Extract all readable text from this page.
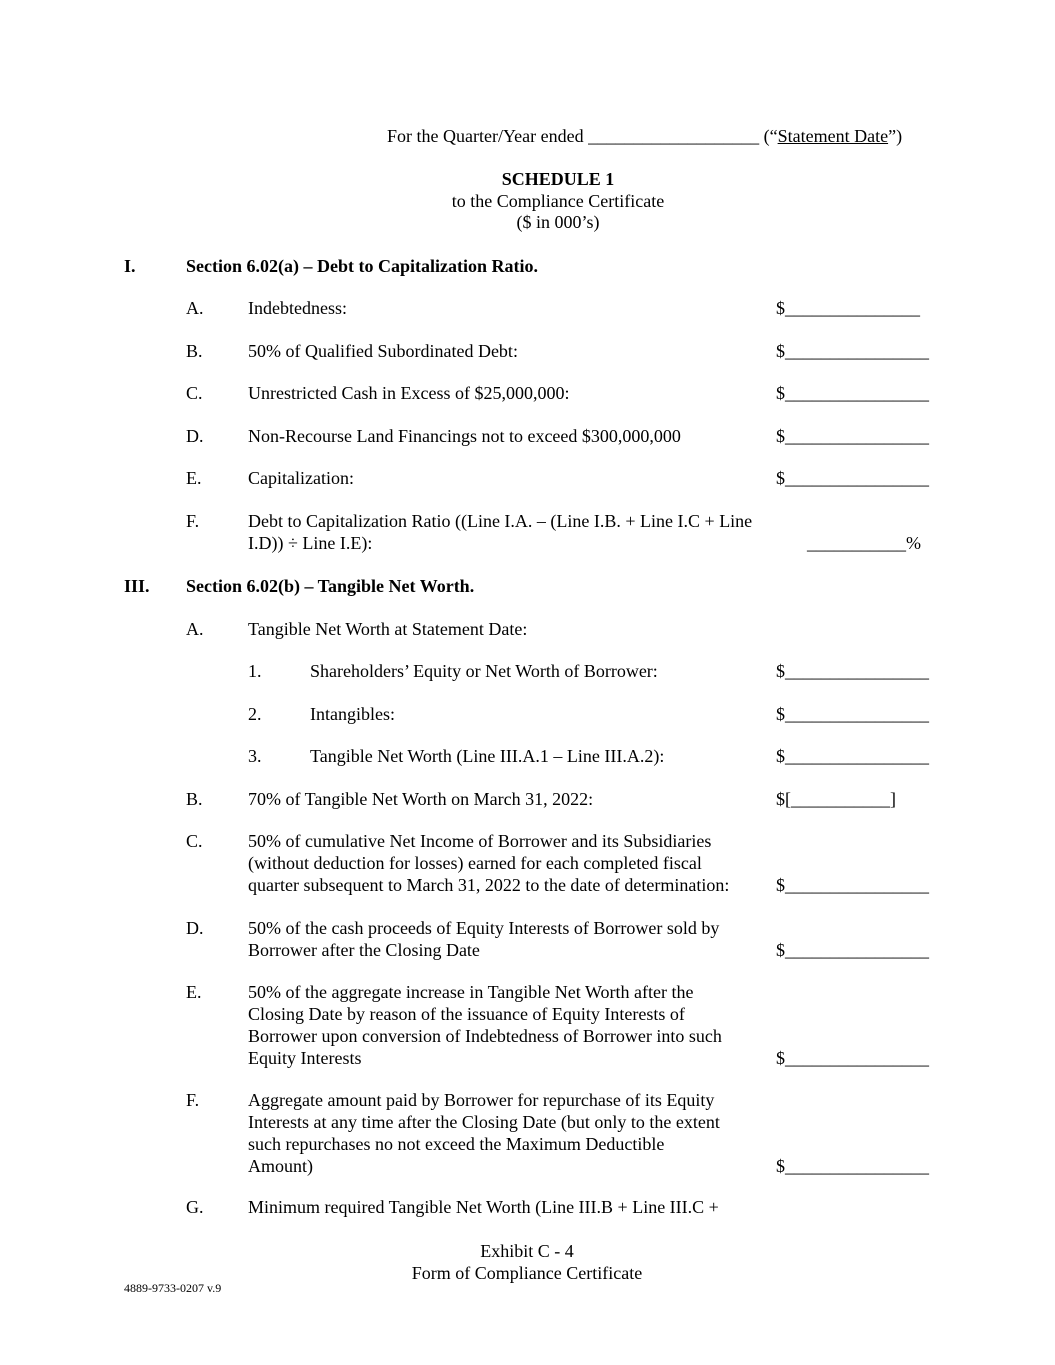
For the Quarter/Year ended ___________________ (“Statement Date”)
SCHEDULE 1
to the Compliance Certificate
($ in 000’s)
I.	Section 6.02(a) – Debt to Capitalization Ratio.
A. Indebtedness:	$_______________
B.	50% of Qualified Subordinated Debt:	$________________
C.	Unrestricted Cash in Excess of $25,000,000:	$________________
D. Non-Recourse Land Financings not to exceed $300,000,000	$________________
E.	Capitalization:	$________________
F.	Debt to Capitalization Ratio ((Line I.A. – (Line I.B. + Line I.C + Line
I.D)) ÷ Line I.E):	___________%
III. Section 6.02(b) – Tangible Net Worth.
A. Tangible Net Worth at Statement Date:
1.	Shareholders’ Equity or Net Worth of Borrower:	$________________
2.	Intangibles:	$________________
3.	Tangible Net Worth (Line III.A.1 – Line III.A.2):	$________________
B.	70% of Tangible Net Worth on March 31, 2022:	$[___________]
C.	50% of cumulative Net Income of Borrower and its Subsidiaries
(without deduction for losses) earned for each completed fiscal
quarter subsequent to March 31, 2022 to the date of determination:	$________________
D. 50% of the cash proceeds of Equity Interests of Borrower sold by
Borrower after the Closing Date	$________________
E.	50% of the aggregate increase in Tangible Net Worth after the
Closing Date by reason of the issuance of Equity Interests of
Borrower upon conversion of Indebtedness of Borrower into such
Equity Interests	$________________
F.	Aggregate amount paid by Borrower for repurchase of its Equity
Interests at any time after the Closing Date (but only to the extent
such repurchases no not exceed the Maximum Deductible
Amount)	$________________
G. Minimum required Tangible Net Worth (Line III.B + Line III.C +
Exhibit C - 4
Form of Compliance Certificate
4889-9733-0207 v.9
